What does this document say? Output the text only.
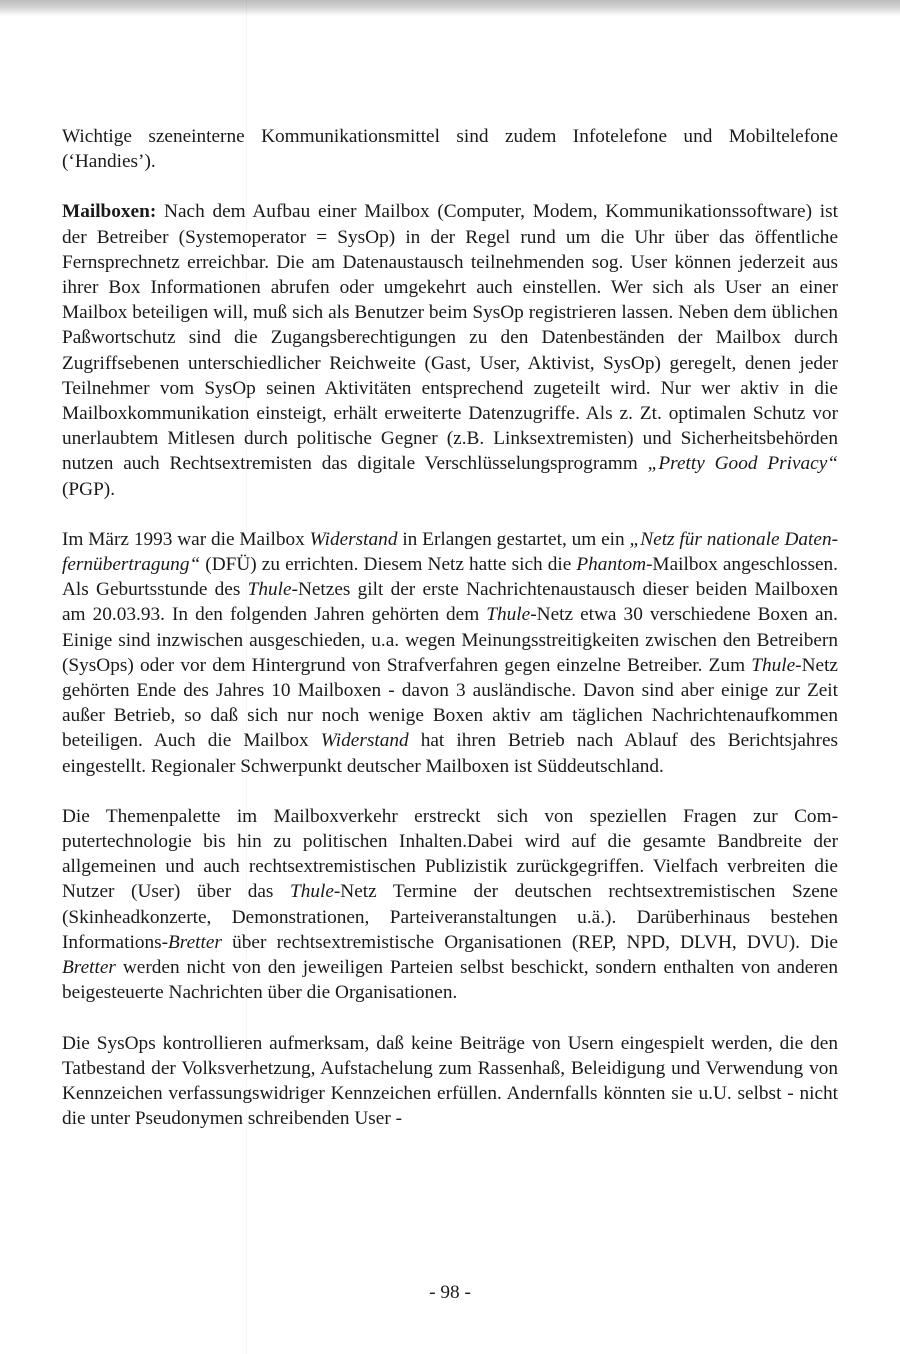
Wichtige szeneinterne Kommunikationsmittel sind zudem Infotelefone und Mobiltelefone (‘Handies’).

Mailboxen: Nach dem Aufbau einer Mailbox (Computer, Modem, Kommunikationssoftware) ist der Betreiber (Systemoperator = SysOp) in der Regel rund um die Uhr über das öffentliche Fernsprechnetz erreichbar. Die am Datenaustausch teilnehmenden sog. User können jederzeit aus ihrer Box Informationen abrufen oder umgekehrt auch einstellen. Wer sich als User an einer Mailbox beteiligen will, muß sich als Benutzer beim SysOp registrieren lassen. Neben dem üblichen Paßwortschutz sind die Zugangsberechtigungen zu den Datenbeständen der Mailbox durch Zugriffsebenen unterschiedlicher Reichweite (Gast, User, Aktivist, SysOp) geregelt, denen jeder Teilnehmer vom SysOp seinen Aktivitäten entsprechend zugeteilt wird. Nur wer aktiv in die Mailboxkommunikation einsteigt, erhält erweiterte Datenzugriffe. Als z. Zt. optimalen Schutz vor unerlaubtem Mitlesen durch politische Gegner (z.B. Linksextremisten) und Sicherheitsbehörden nutzen auch Rechtsextremisten das digitale Verschlüsselungsprogramm „Pretty Good Privacy“ (PGP).

Im März 1993 war die Mailbox Widerstand in Erlangen gestartet, um ein „Netz für nationale Datenfernübertragung“ (DFÜ) zu errichten. Diesem Netz hatte sich die Phantom-Mailbox angeschlossen. Als Geburtsstunde des Thule-Netzes gilt der erste Nachrichtenaustausch dieser beiden Mailboxen am 20.03.93. In den folgenden Jahren gehörten dem Thule-Netz etwa 30 verschiedene Boxen an. Einige sind inzwischen ausgeschieden, u.a. wegen Meinungsstreitigkeiten zwischen den Betreibern (SysOps) oder vor dem Hintergrund von Strafverfahren gegen einzelne Betreiber. Zum Thule-Netz gehörten Ende des Jahres 10 Mailboxen - davon 3 ausländische. Davon sind aber einige zur Zeit außer Betrieb, so daß sich nur noch wenige Boxen aktiv am täglichen Nachrichtenaufkommen beteiligen. Auch die Mailbox Widerstand hat ihren Betrieb nach Ablauf des Berichtsjahres eingestellt. Regionaler Schwerpunkt deutscher Mailboxen ist Süddeutschland.

Die Themenpalette im Mailboxverkehr erstreckt sich von speziellen Fragen zur Computertechnologie bis hin zu politischen Inhalten.Dabei wird auf die gesamte Bandbreite der allgemeinen und auch rechtsextremistischen Publizistik zurückgegriffen. Vielfach verbreiten die Nutzer (User) über das Thule-Netz Termine der deutschen rechtsextremistischen Szene (Skinheadkonzerte, Demonstrationen, Parteiveranstaltungen u.ä.). Darüberhinaus bestehen Informations-Bretter über rechtsextremistische Organisationen (REP, NPD, DLVH, DVU). Die Bretter werden nicht von den jeweiligen Parteien selbst beschickt, sondern enthalten von anderen beigesteuerte Nachrichten über die Organisationen.

Die SysOps kontrollieren aufmerksam, daß keine Beiträge von Usern eingespielt werden, die den Tatbestand der Volksverhetzung, Aufstachelung zum Rassenhaß, Beleidigung und Verwendung von Kennzeichen verfassungswidriger Kennzeichen erfüllen. Andernfalls könnten sie u.U. selbst - nicht die unter Pseudonymen schreibenden User -

- 98 -
